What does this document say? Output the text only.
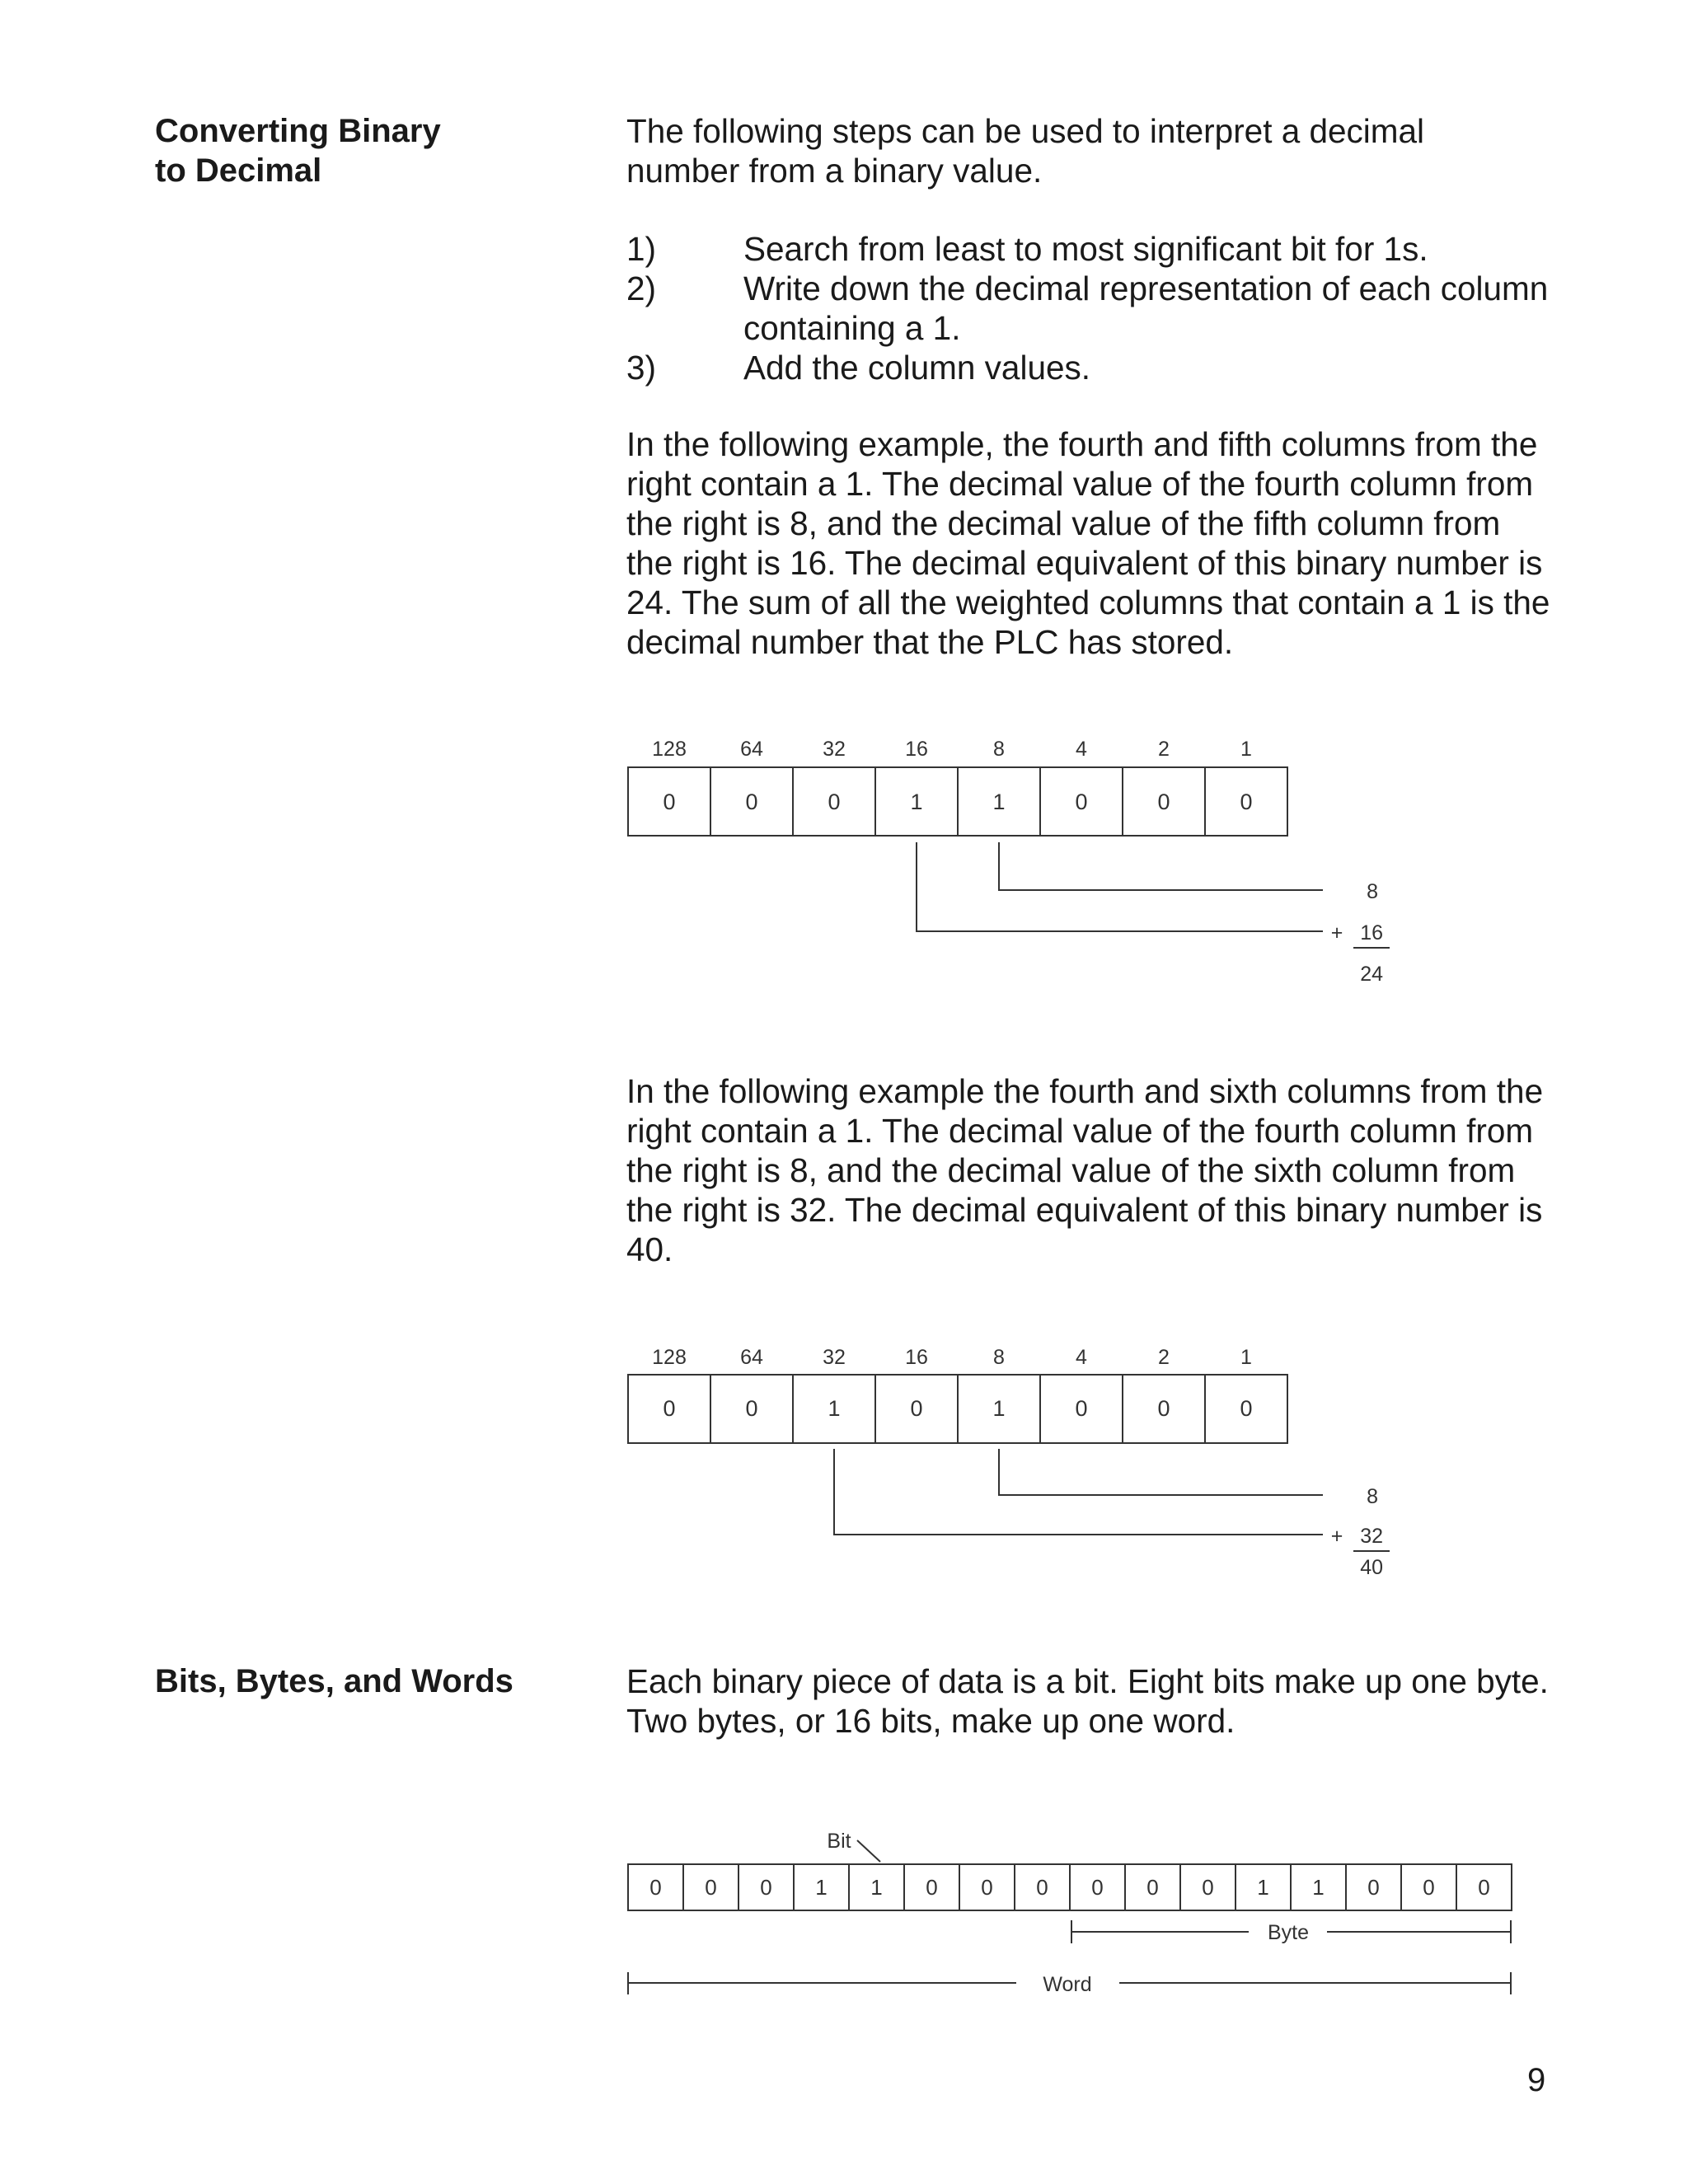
Converting Binary
to Decimal

The following steps can be used to interpret a decimal
number from a binary value.

1)	Search from least to most significant bit for 1s.
2)	Write down the decimal representation of each column
containing a 1.
3)	Add the column values.

In the following example, the fourth and fifth columns from the
right contain a 1. The decimal value of the fourth column from
the right is 8, and the decimal value of the fifth column from
the right is 16. The decimal equivalent of this binary number is
24. The sum of all the weighted columns that contain a 1 is the
decimal number that the PLC has stored.

128	64	32	16	8	4	2	1
0	0	0	1	1	0	0	0
8
+ 16
24

In the following example the fourth and sixth columns from the
right contain a 1. The decimal value of the fourth column from
the right is 8, and the decimal value of the sixth column from
the right is 32. The decimal equivalent of this binary number is
40.

128	64	32	16	8	4	2	1
0	0	1	0	1	0	0	0
8
+ 32
40
Bits, Bytes, and Words	Each binary piece of data is a bit. Eight bits make up one byte.
Two bytes, or 16 bits, make up one word.

Bit
0 0 0 1 1 0 0 0 0 0 0 1 1 0 0 0
Byte
Word

9
